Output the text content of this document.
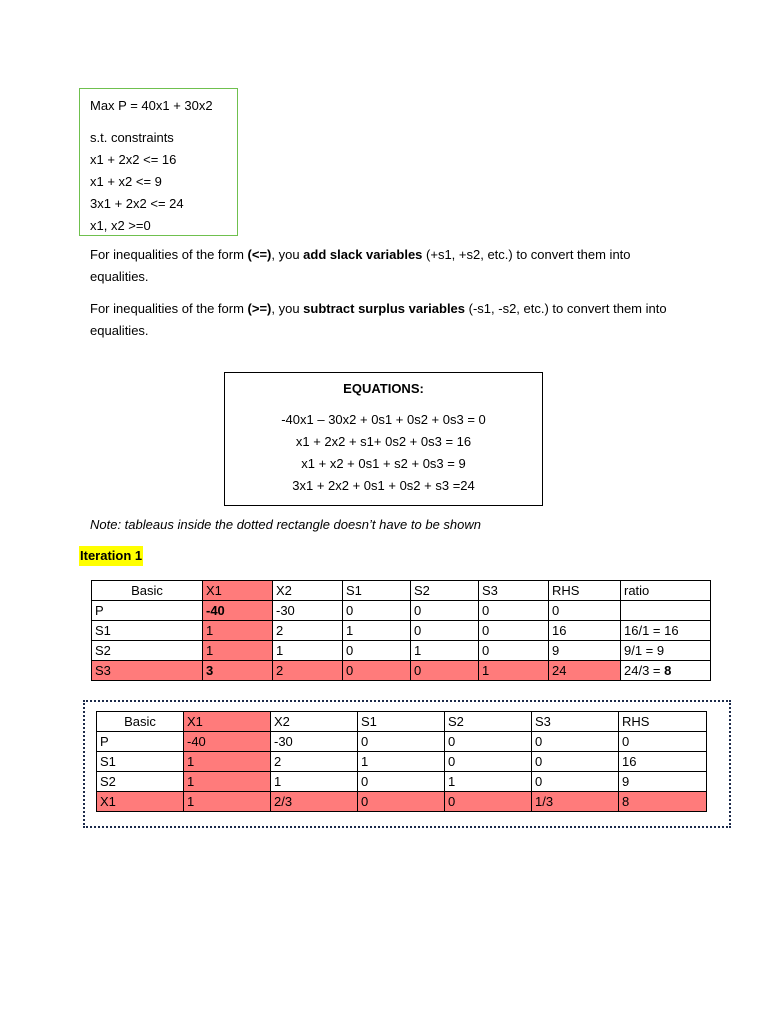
Max P = 40x1 + 30x2
s.t. constraints
x1 + 2x2 <= 16
x1 + x2 <= 9
3x1 + 2x2 <= 24
x1, x2 >=0
For inequalities of the form (<=), you add slack variables (+s1, +s2, etc.) to convert them into equalities.
For inequalities of the form (>=), you subtract surplus variables (-s1, -s2, etc.) to convert them into equalities.
EQUATIONS:
-40x1 – 30x2 + 0s1 + 0s2 + 0s3 = 0
x1 + 2x2 + s1+ 0s2 + 0s3 = 16
x1 + x2 + 0s1 + s2 + 0s3 = 9
3x1 + 2x2 + 0s1 + 0s2 + s3 =24
Note: tableaus inside the dotted rectangle doesn’t have to be shown
Iteration 1
Basic	X1	X2	S1	S2	S3	RHS	ratio
P	-40	-30	0	0	0	0	
S1	1	2	1	0	0	16	16/1 = 16
S2	1	1	0	1	0	9	9/1 = 9
S3	3	2	0	0	1	24	24/3 = 8
Basic	X1	X2	S1	S2	S3	RHS
P	-40	-30	0	0	0	0
S1	1	2	1	0	0	16
S2	1	1	0	1	0	9
X1	1	2/3	0	0	1/3	8
